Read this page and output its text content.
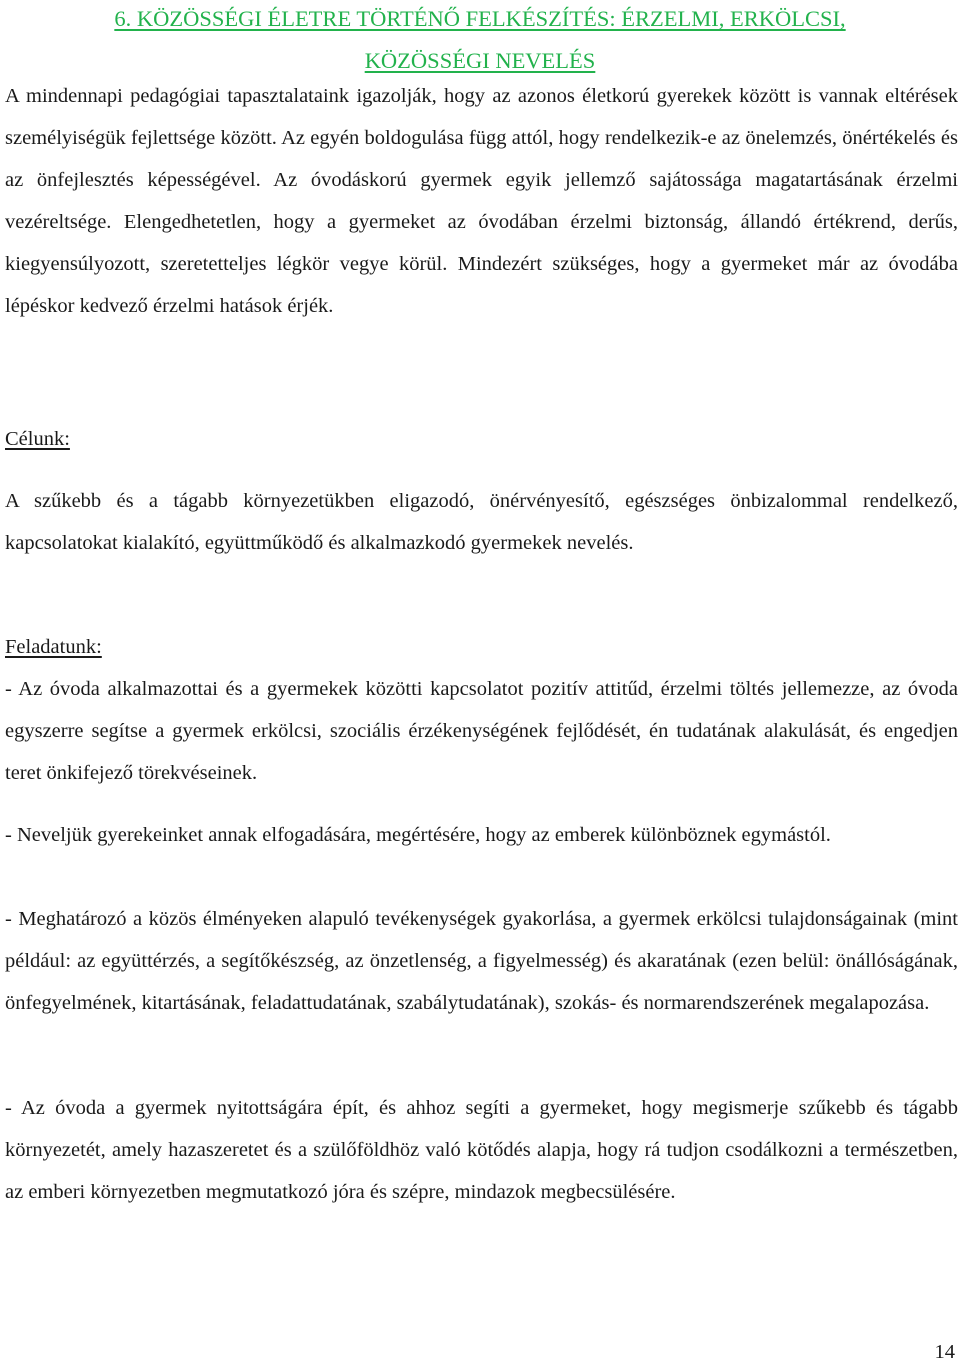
6. KÖZÖSSÉGI ÉLETRE TÖRTÉNŐ FELKÉSZÍTÉS: ÉRZELMI, ERKÖLCSI,
KÖZÖSSÉGI NEVELÉS

A mindennapi pedagógiai tapasztalataink igazolják, hogy az azonos életkorú gyerekek között is vannak eltérések személyiségük fejlettsége között. Az egyén boldogulása függ attól, hogy rendelkezik-e az önelemzés, önértékelés és az önfejlesztés képességével. Az óvodáskorú gyermek egyik jellemző sajátossága magatartásának érzelmi vezéreltsége. Elengedhetetlen, hogy a gyermeket az óvodában érzelmi biztonság, állandó értékrend, derűs, kiegyensúlyozott, szeretetteljes légkör vegye körül. Mindezért szükséges, hogy a gyermeket már az óvodába lépéskor kedvező érzelmi hatások érjék.

Célunk:

A szűkebb és a tágabb környezetükben eligazodó, önérvényesítő, egészséges önbizalommal rendelkező, kapcsolatokat kialakító, együttműködő és alkalmazkodó gyermekek nevelés.

Feladatunk:

- Az óvoda alkalmazottai és a gyermekek közötti kapcsolatot pozitív attitűd, érzelmi töltés jellemezze, az óvoda egyszerre segítse a gyermek erkölcsi, szociális érzékenységének fejlődését, én tudatának alakulását, és engedjen teret önkifejező törekvéseinek.

- Neveljük gyerekeinket annak elfogadására, megértésére, hogy az emberek különböznek egymástól.

- Meghatározó a közös élményeken alapuló tevékenységek gyakorlása, a gyermek erkölcsi tulajdonságainak (mint például: az együttérzés, a segítőkészség, az önzetlenség, a figyelmesség) és akaratának (ezen belül: önállóságának, önfegyelmének, kitartásának, feladattudatának, szabálytudatának), szokás- és normarendszerének megalapozása.

- Az óvoda a gyermek nyitottságára épít, és ahhoz segíti a gyermeket, hogy megismerje szűkebb és tágabb környezetét, amely hazaszeretet és a szülőföldhöz való kötődés alapja, hogy rá tudjon csodálkozni a természetben, az emberi környezetben megmutatkozó jóra és szépre, mindazok megbecsülésére.

14
